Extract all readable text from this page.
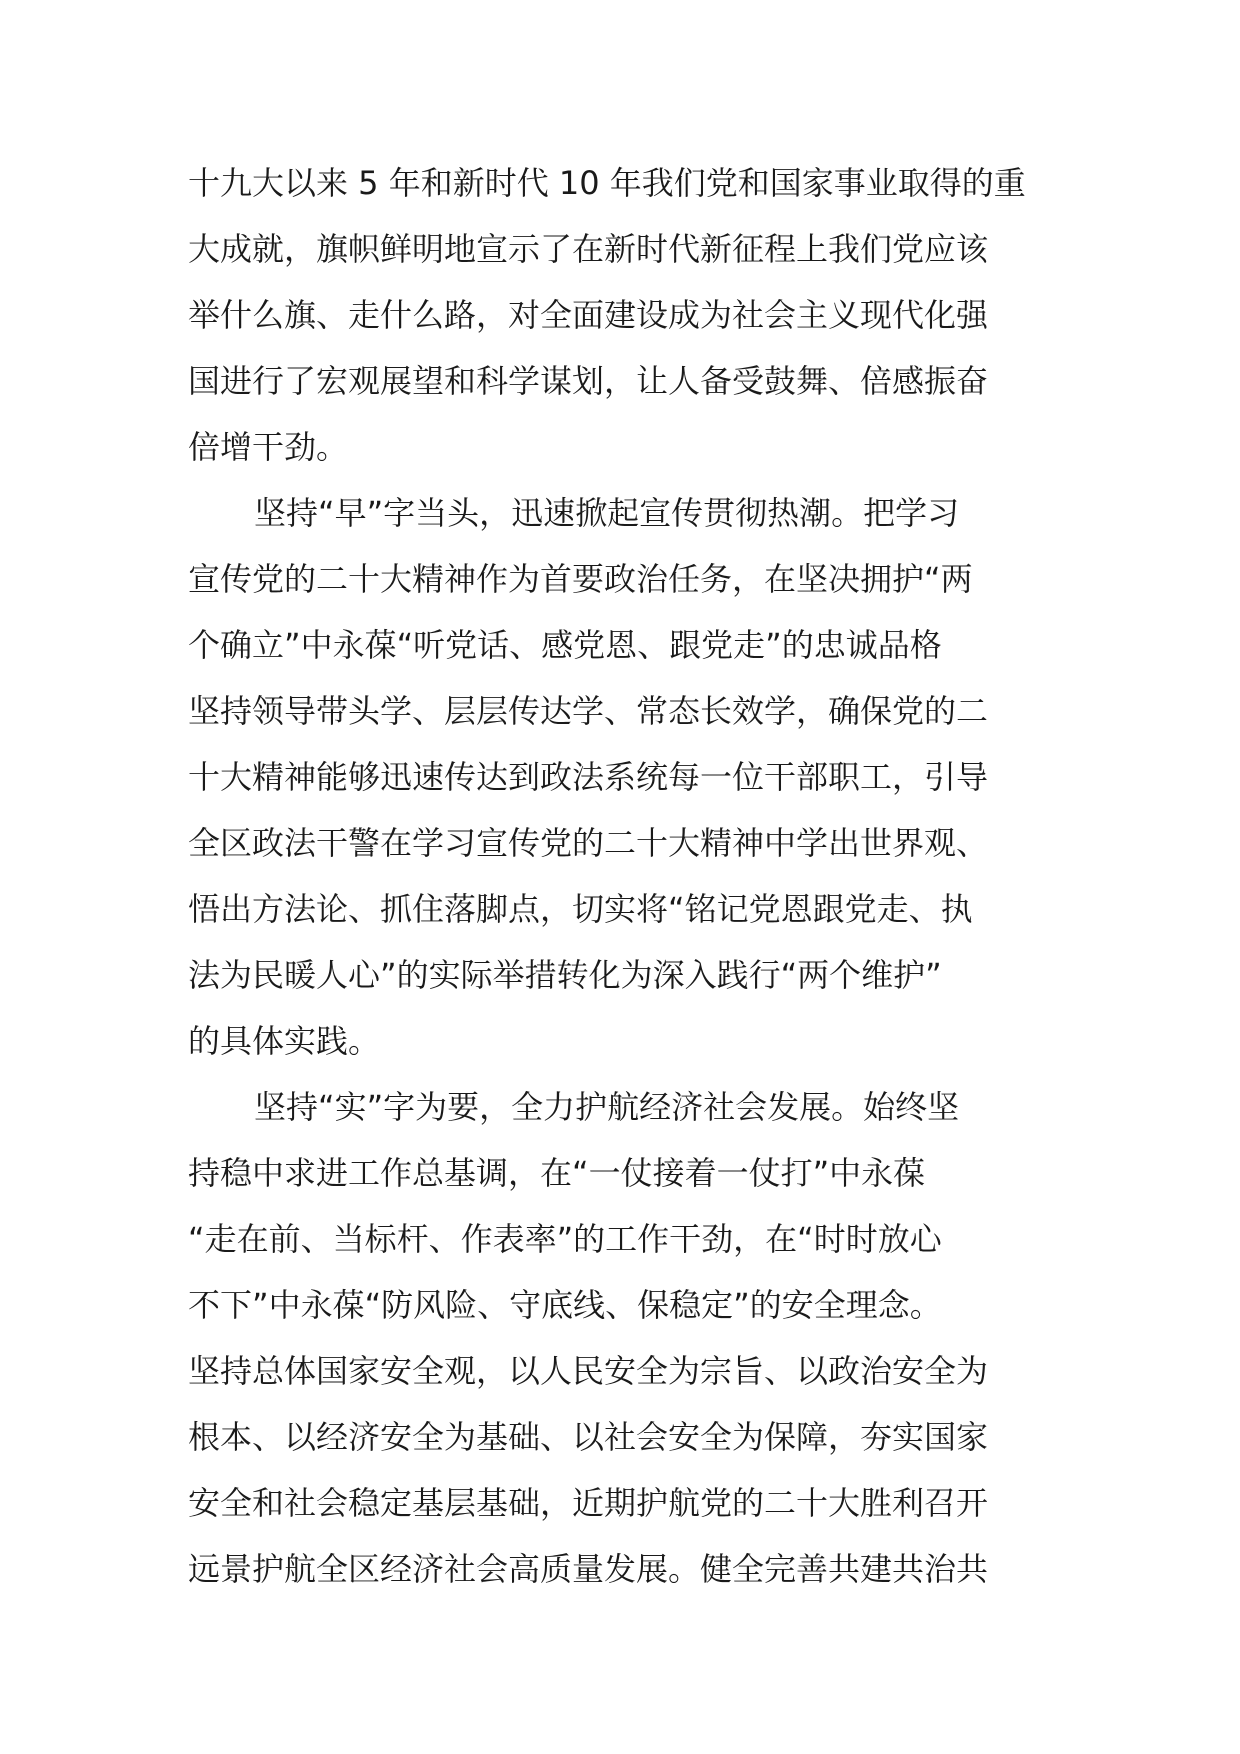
十九大以来 5 年和新时代 10 年我们党和国家事业取得的重
大成就，旗帜鲜明地宣示了在新时代新征程上我们党应该
举什么旗、走什么路，对全面建设成为社会主义现代化强
国进行了宏观展望和科学谋划，让人备受鼓舞、倍感振奋
倍增干劲。
坚持“早”字当头，迅速掀起宣传贯彻热潮。把学习
宣传党的二十大精神作为首要政治任务，在坚决拥护“两
个确立”中永葆“听党话、感党恩、跟党走”的忠诚品格
坚持领导带头学、层层传达学、常态长效学，确保党的二
十大精神能够迅速传达到政法系统每一位干部职工，引导
全区政法干警在学习宣传党的二十大精神中学出世界观、
悟出方法论、抓住落脚点，切实将“铭记党恩跟党走、执
法为民暖人心”的实际举措转化为深入践行“两个维护”
的具体实践。
坚持“实”字为要，全力护航经济社会发展。始终坚
持稳中求进工作总基调，在“一仗接着一仗打”中永葆
“走在前、当标杆、作表率”的工作干劲，在“时时放心
不下”中永葆“防风险、守底线、保稳定”的安全理念。
坚持总体国家安全观，以人民安全为宗旨、以政治安全为
根本、以经济安全为基础、以社会安全为保障，夯实国家
安全和社会稳定基层基础，近期护航党的二十大胜利召开
远景护航全区经济社会高质量发展。健全完善共建共治共
